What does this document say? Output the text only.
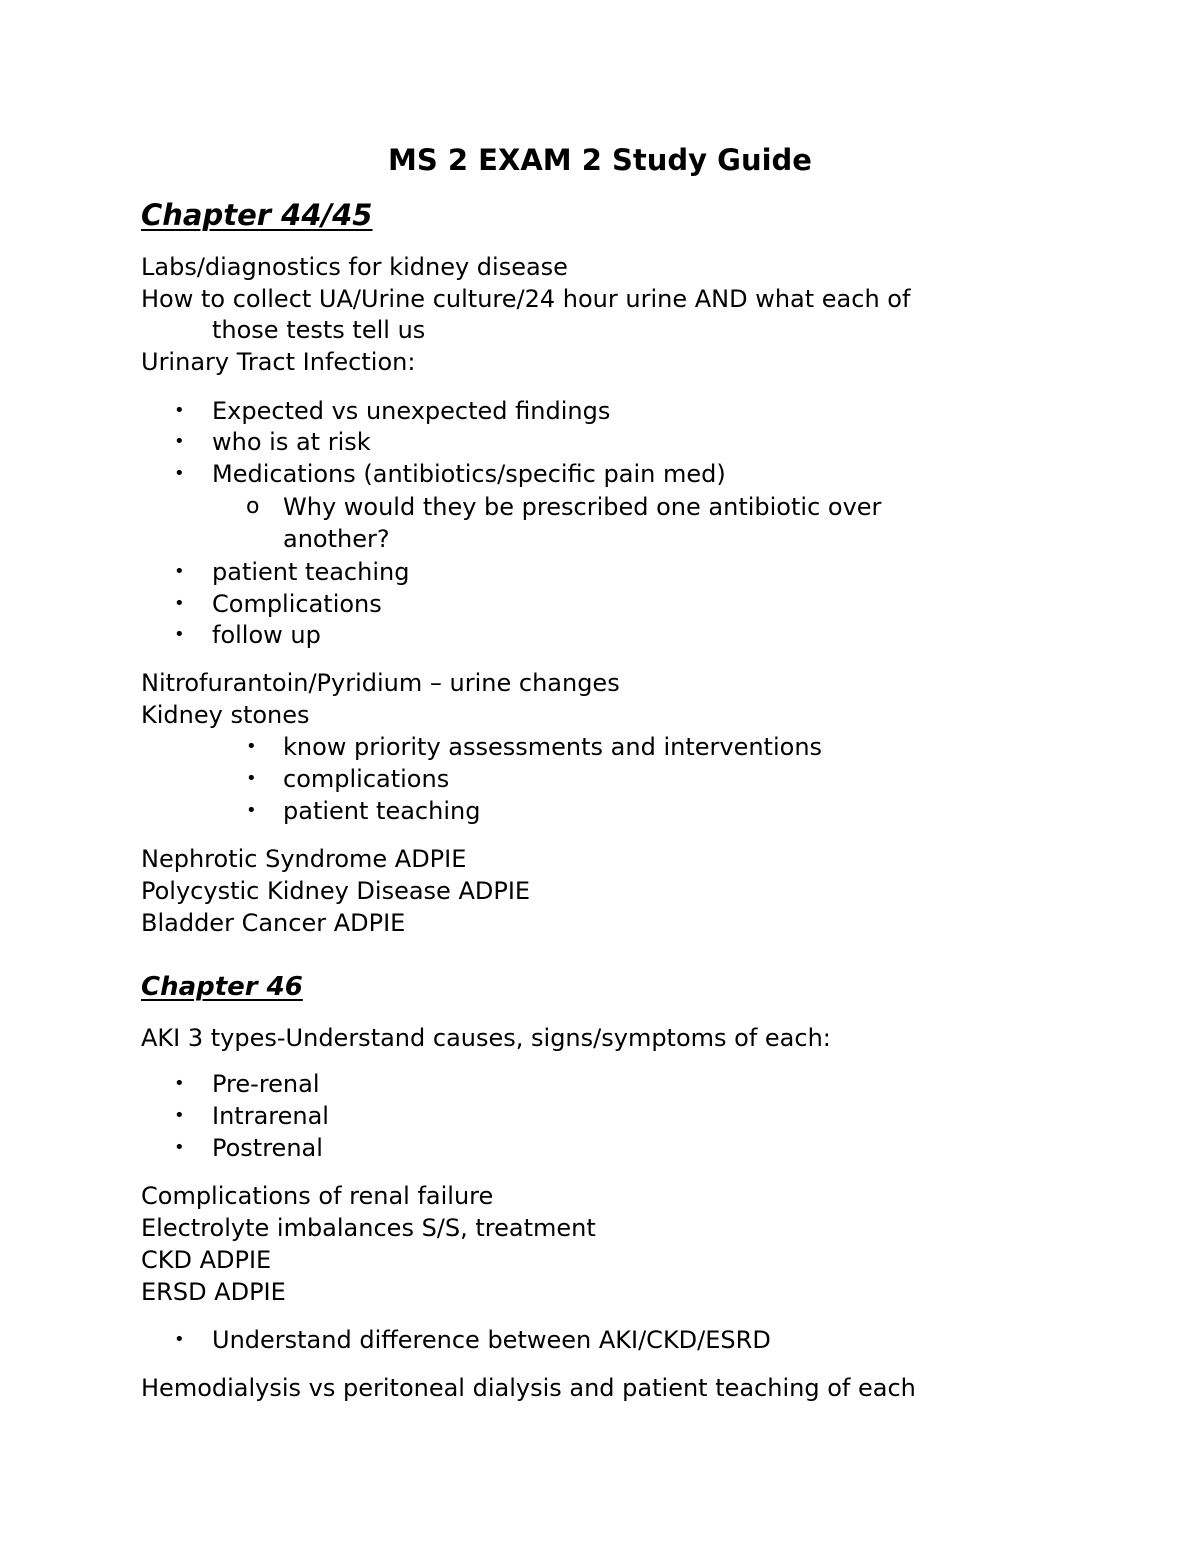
MS 2 EXAM 2 Study Guide
Chapter 44/45
Labs/diagnostics for kidney disease
How to collect UA/Urine culture/24 hour urine AND what each of
those tests tell us
Urinary Tract Infection:
• Expected vs unexpected findings
• who is at risk
• Medications (antibiotics/specific pain med)
o Why would they be prescribed one antibiotic over
another?
• patient teaching
• Complications
• follow up
Nitrofurantoin/Pyridium – urine changes
Kidney stones
• know priority assessments and interventions
• complications
• patient teaching
Nephrotic Syndrome ADPIE
Polycystic Kidney Disease ADPIE
Bladder Cancer ADPIE
Chapter 46
AKI 3 types-Understand causes, signs/symptoms of each:
• Pre-renal
• Intrarenal
• Postrenal
Complications of renal failure
Electrolyte imbalances S/S, treatment
CKD ADPIE
ERSD ADPIE
• Understand difference between AKI/CKD/ESRD
Hemodialysis vs peritoneal dialysis and patient teaching of each
